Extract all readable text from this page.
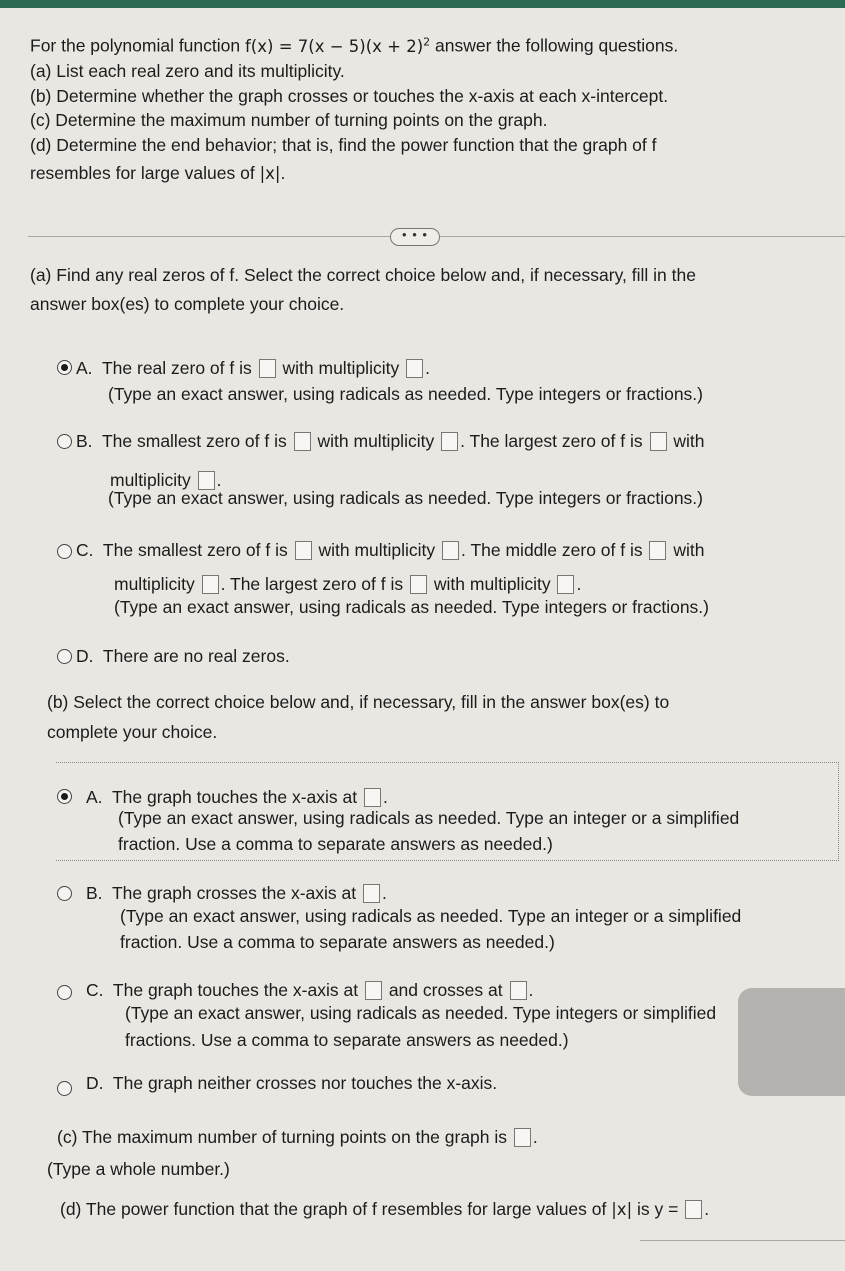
For the polynomial function $f(x) = 7(x - 5)(x + 2)^2$ answer the following questions.

(a) List each real zero and its multiplicity.

(b) Determine whether the graph crosses or touches the x-axis at each x-intercept.

(c) Determine the maximum number of turning points on the graph.

(d) Determine the end behavior; that is, find the power function that the graph of f

resembles for large values of |x|.

• • •
(a) Find any real zeros of f. Select the correct choice below and, if necessary, fill in the
answer box(es) to complete your choice.
A. The real zero of f is with multiplicity .
(Type an exact answer, using radicals as needed. Type integers or fractions.)
B. The smallest zero of f is with multiplicity . The largest zero of f is with
multiplicity .
(Type an exact answer, using radicals as needed. Type integers or fractions.)
C. The smallest zero of f is with multiplicity . The middle zero of f is with
multiplicity . The largest zero of f is with multiplicity .
(Type an exact answer, using radicals as needed. Type integers or fractions.)
D. There are no real zeros.
(b) Select the correct choice below and, if necessary, fill in the answer box(es) to
complete your choice.
A. The graph touches the x-axis at .
(Type an exact answer, using radicals as needed. Type an integer or a simplified
fraction. Use a comma to separate answers as needed.)
B. The graph crosses the x-axis at .
(Type an exact answer, using radicals as needed. Type an integer or a simplified
fraction. Use a comma to separate answers as needed.)
C. The graph touches the x-axis at and crosses at .
(Type an exact answer, using radicals as needed. Type integers or simplified
fractions. Use a comma to separate answers as needed.)
D. The graph neither crosses nor touches the x-axis.
(c) The maximum number of turning points on the graph is .
(Type a whole number.)
(d) The power function that the graph of f resembles for large values of |x| is y = .
